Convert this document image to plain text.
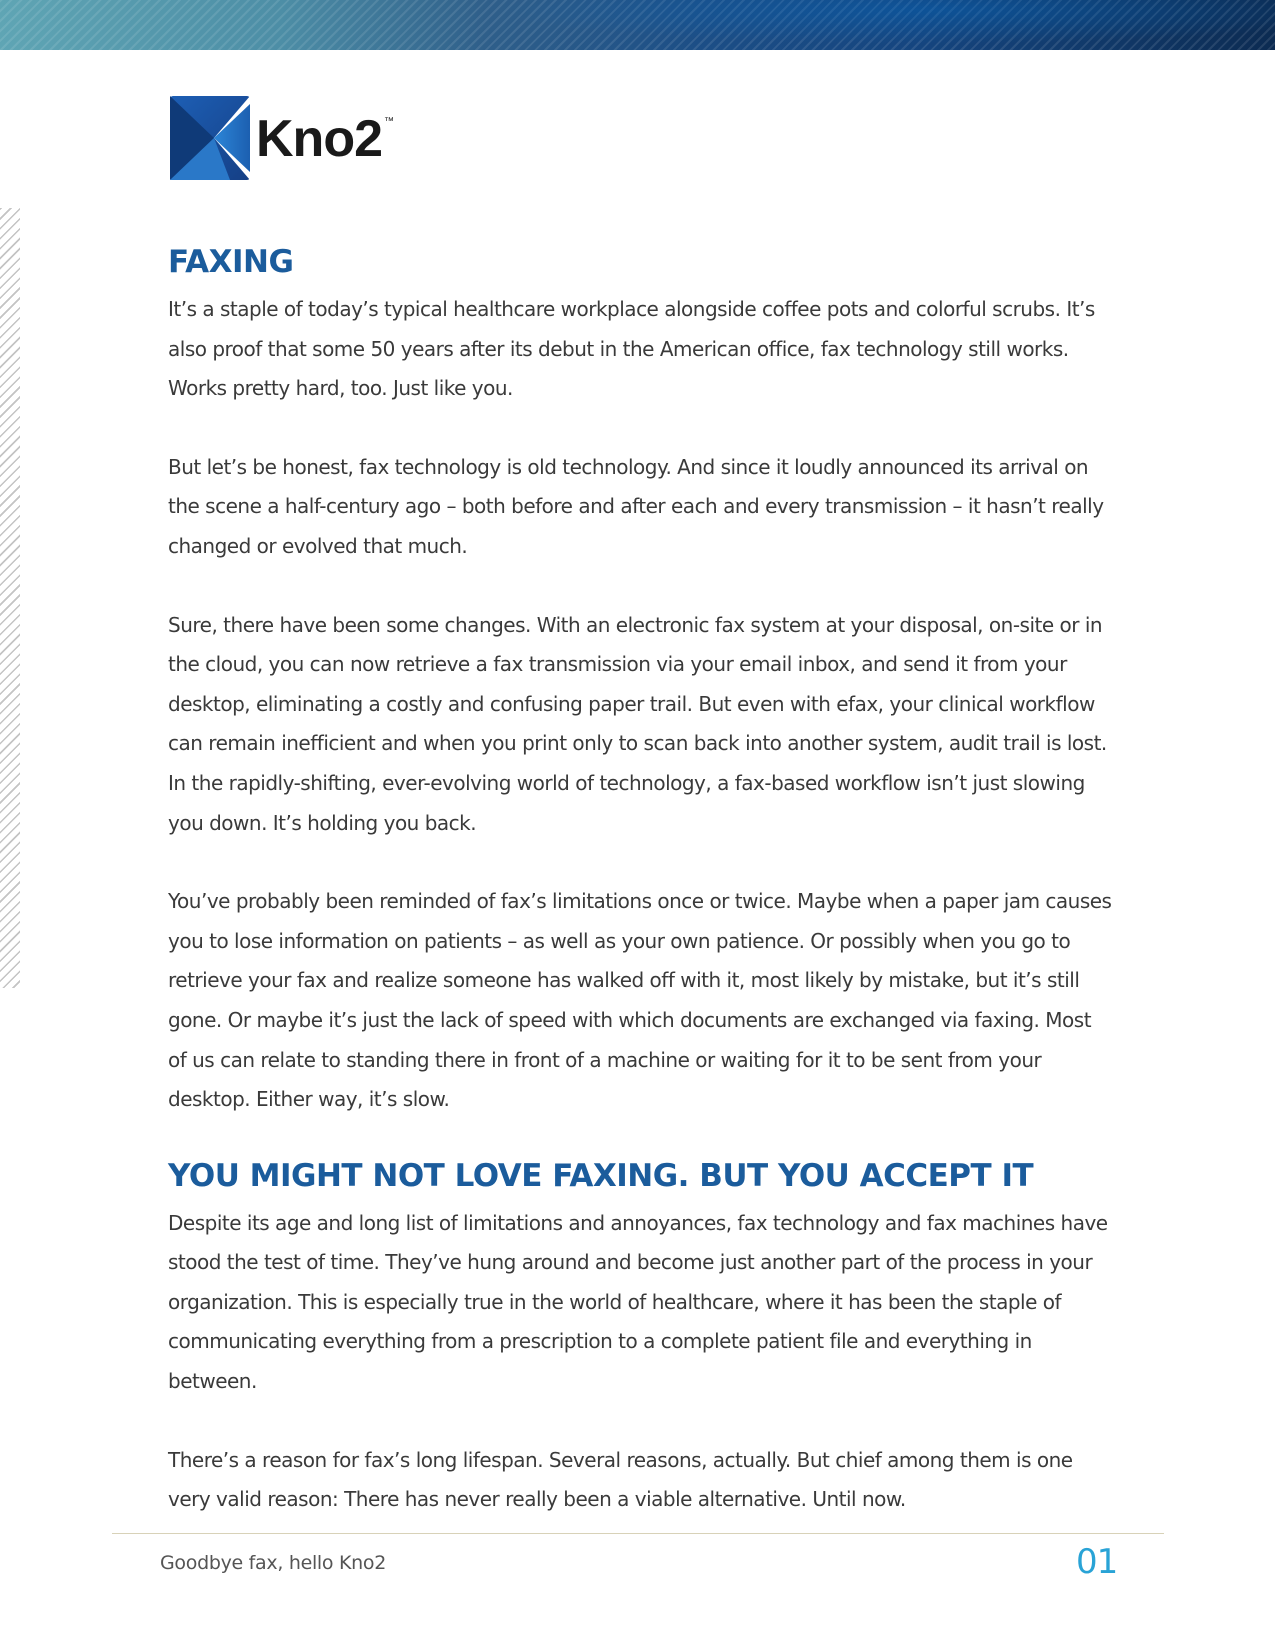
Kno2 ™
FAXING

It’s a staple of today’s typical healthcare workplace alongside coffee pots and colorful scrubs. It’s also proof that some 50 years after its debut in the American office, fax technology still works. Works pretty hard, too. Just like you.

But let’s be honest, fax technology is old technology. And since it loudly announced its arrival on the scene a half-century ago – both before and after each and every transmission – it hasn’t really changed or evolved that much.

Sure, there have been some changes. With an electronic fax system at your disposal, on-site or in the cloud, you can now retrieve a fax transmission via your email inbox, and send it from your desktop, eliminating a costly and confusing paper trail. But even with efax, your clinical workflow can remain inefficient and when you print only to scan back into another system, audit trail is lost. In the rapidly-shifting, ever-evolving world of technology, a fax-based workflow isn’t just slowing you down. It’s holding you back.

You’ve probably been reminded of fax’s limitations once or twice. Maybe when a paper jam causes you to lose information on patients – as well as your own patience. Or possibly when you go to retrieve your fax and realize someone has walked off with it, most likely by mistake, but it’s still gone. Or maybe it’s just the lack of speed with which documents are exchanged via faxing. Most of us can relate to standing there in front of a machine or waiting for it to be sent from your desktop. Either way, it’s slow.

YOU MIGHT NOT LOVE FAXING. BUT YOU ACCEPT IT

Despite its age and long list of limitations and annoyances, fax technology and fax machines have stood the test of time. They’ve hung around and become just another part of the process in your organization. This is especially true in the world of healthcare, where it has been the staple of communicating everything from a prescription to a complete patient file and everything in between.

There’s a reason for fax’s long lifespan. Several reasons, actually. But chief among them is one very valid reason: There has never really been a viable alternative. Until now.

Goodbye fax, hello Kno2	01
